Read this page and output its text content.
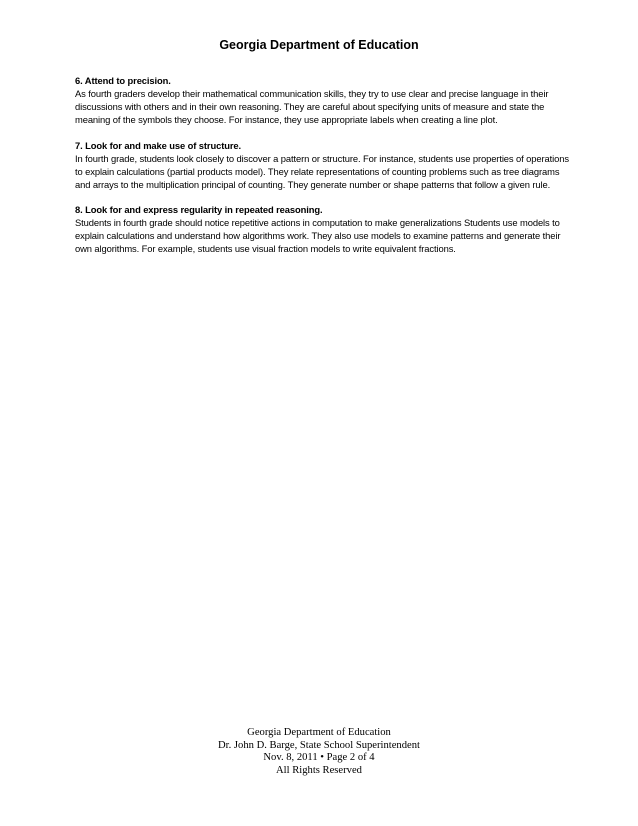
Georgia Department of Education

6. Attend to precision.

As fourth graders develop their mathematical communication skills, they try to use clear and precise language in their discussions with others and in their own reasoning. They are careful about specifying units of measure and state the meaning of the symbols they choose. For instance, they use appropriate labels when creating a line plot.

7. Look for and make use of structure.

In fourth grade, students look closely to discover a pattern or structure. For instance, students use properties of operations to explain calculations (partial products model). They relate representations of counting problems such as tree diagrams and arrays to the multiplication principal of counting. They generate number or shape patterns that follow a given rule.

8. Look for and express regularity in repeated reasoning.

Students in fourth grade should notice repetitive actions in computation to make generalizations Students use models to explain calculations and understand how algorithms work. They also use models to examine patterns and generate their own algorithms. For example, students use visual fraction models to write equivalent fractions.

Georgia Department of Education
Dr. John D. Barge, State School Superintendent
Nov. 8, 2011 • Page 2 of 4
All Rights Reserved
